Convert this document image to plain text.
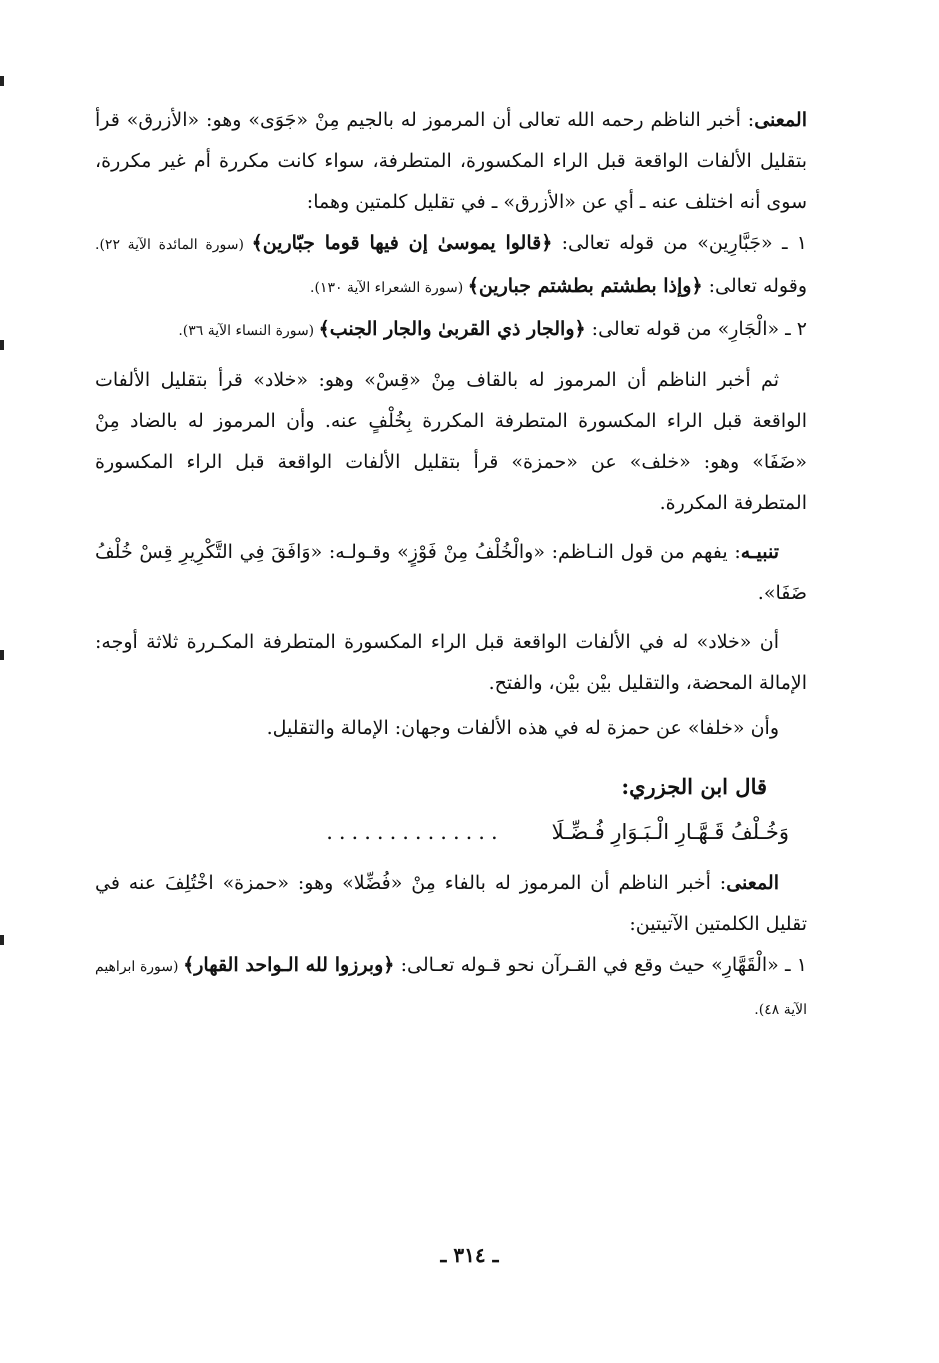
المعنى: أخبر الناظم رحمه الله تعالى أن المرموز له بالجيم مِنْ «جَوَى» وهو: «الأزرق» قرأ بتقليل الألفات الواقعة قبل الراء المكسورة، المتطرفة، سواء كانت مكررة أم غير مكررة، سوى أنه اختلف عنه ـ أي عن «الأزرق» ـ في تقليل كلمتين وهما:

١ ـ «جَبَّارِين» من قوله تعالى: ﴿قالوا يموسىٰ إن فيها قوما جبّارين﴾ (سورة المائدة الآية ٢٢). وقوله تعالى: ﴿وإذا بطشتم بطشتم جبارين﴾ (سورة الشعراء الآية ١٣٠).

٢ ـ «الْجَارِ» من قوله تعالى: ﴿والجار ذي القربىٰ والجار الجنب﴾ (سورة النساء الآية ٣٦).

ثم أخبر الناظم أن المرموز له بالقاف مِنْ «قِسْ» وهو: «خلاد» قرأ بتقليل الألفات الواقعة قبل الراء المكسورة المتطرفة المكررة بِخُلْفٍ عنه. وأن المرموز له بالضاد مِنْ «ضَفَا» وهو: «خلف» عن «حمزة» قرأ بتقليل الألفات الواقعة قبل الراء المكسورة المتطرفة المكررة.

تنبيـه: يفهم من قول النـاظم: «والْخُلْفُ مِنْ فَوْزٍ» وقـولـه: «وَافَقَ فِي التَّكْرِيرِ قِسْ خُلْفُ ضَفَا».

أن «خلاد» له في الألفات الواقعة قبل الراء المكسورة المتطرفة المكـررة ثلاثة أوجه: الإمالة المحضة، والتقليل بيْن بيْن، والفتح.

وأن «خلفا» عن حمزة له في هذه الألفات وجهان: الإمالة والتقليل.

قال ابن الجزري:
وَخُـلْفُ قَـهَّـارِ الْـبَـوَارِ فُـضِّـلَا
..............

المعنى: أخبر الناظم أن المرموز له بالفاء مِنْ «فُضِّلا» وهو: «حمزة» اخْتُلِفَ عنه في تقليل الكلمتين الآتيتين:

١ ـ «الْقَهَّارِ» حيث وقع في القـرآن نحو قـوله تعـالى: ﴿وبرزوا لله الـواحد القهار﴾ (سورة ابراهيم الآية ٤٨).

ـ ٣١٤ ـ
